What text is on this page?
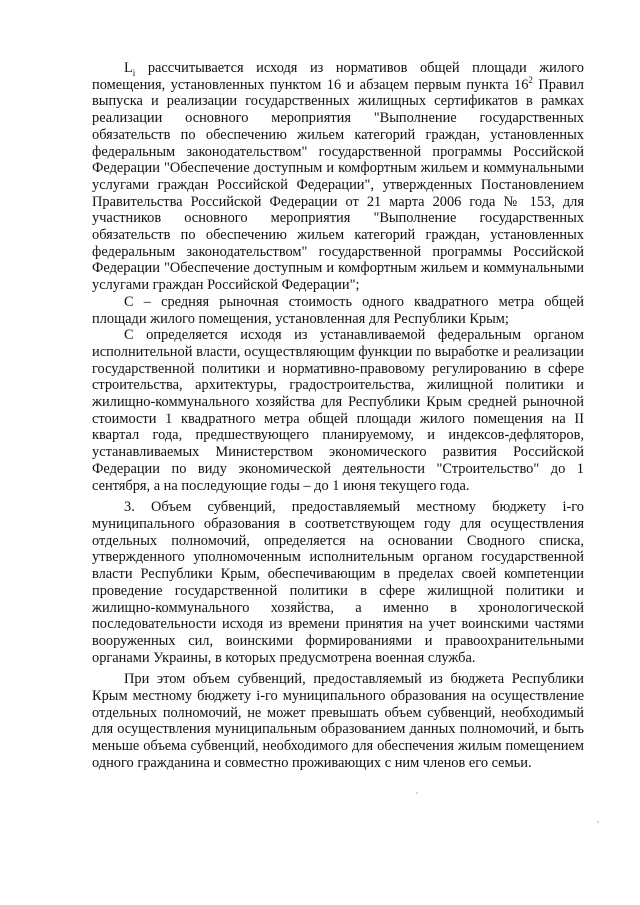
$L_i$ рассчитывается исходя из нормативов общей площади жилого помещения, установленных пунктом 16 и абзацем первым пункта $16^2$ Правил выпуска и реализации государственных жилищных сертификатов в рамках реализации основного мероприятия "Выполнение государственных обязательств по обеспечению жильем категорий граждан, установленных федеральным законодательством" государственной программы Российской Федерации "Обеспечение доступным и комфортным жильем и коммунальными услугами граждан Российской Федерации", утвержденных Постановлением Правительства Российской Федерации от 21 марта 2006 года № 153, для участников основного мероприятия "Выполнение государственных обязательств по обеспечению жильем категорий граждан, установленных федеральным законодательством" государственной программы Российской Федерации "Обеспечение доступным и комфортным жильем и коммунальными услугами граждан Российской Федерации";

С – средняя рыночная стоимость одного квадратного метра общей площади жилого помещения, установленная для Республики Крым;

С определяется исходя из устанавливаемой федеральным органом исполнительной власти, осуществляющим функции по выработке и реализации государственной политики и нормативно-правовому регулированию в сфере строительства, архитектуры, градостроительства, жилищной политики и жилищно-коммунального хозяйства для Республики Крым средней рыночной стоимости 1 квадратного метра общей площади жилого помещения на II квартал года, предшествующего планируемому, и индексов-дефляторов, устанавливаемых Министерством экономического развития Российской Федерации по виду экономической деятельности "Строительство" до 1 сентября, а на последующие годы – до 1 июня текущего года.

3. Объем субвенций, предоставляемый местному бюджету i-го муниципального образования в соответствующем году для осуществления отдельных полномочий, определяется на основании Сводного списка, утвержденного уполномоченным исполнительным органом государственной власти Республики Крым, обеспечивающим в пределах своей компетенции проведение государственной политики в сфере жилищной политики и жилищно-коммунального хозяйства, а именно в хронологической последовательности исходя из времени принятия на учет воинскими частями вооруженных сил, воинскими формированиями и правоохранительными органами Украины, в которых предусмотрена военная служба.

При этом объем субвенций, предоставляемый из бюджета Республики Крым местному бюджету i-го муниципального образования на осуществление отдельных полномочий, не может превышать объем субвенций, необходимый для осуществления муниципальным образованием данных полномочий, и быть меньше объема субвенций, необходимого для обеспечения жилым помещением одного гражданина и совместно проживающих с ним членов его семьи.
